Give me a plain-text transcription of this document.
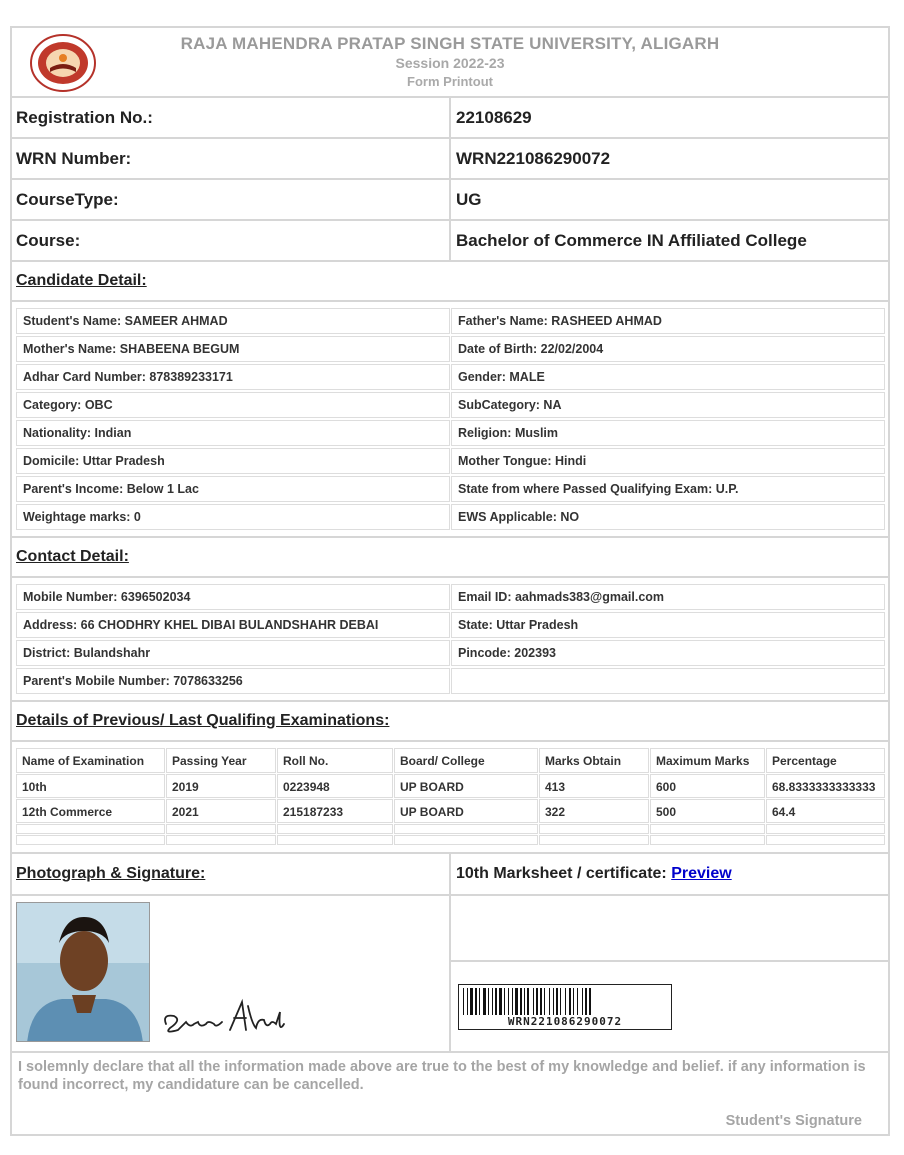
RAJA MAHENDRA PRATAP SINGH STATE UNIVERSITY, ALIGARH
Session 2022-23
Form Printout
Registration No.:	22108629
WRN Number:	WRN221086290072
CourseType:	UG
Course:	Bachelor of Commerce IN Affiliated College
Candidate Detail:
Student's Name: SAMEER AHMAD	Father's Name: RASHEED AHMAD
Mother's Name: SHABEENA BEGUM	Date of Birth: 22/02/2004
Adhar Card Number: 878389233171	Gender: MALE
Category: OBC	SubCategory: NA
Nationality: Indian	Religion: Muslim
Domicile: Uttar Pradesh	Mother Tongue: Hindi
Parent's Income: Below 1 Lac	State from where Passed Qualifying Exam: U.P.
Weightage marks: 0	EWS Applicable: NO
Contact Detail:
Mobile Number: 6396502034	Email ID: aahmads383@gmail.com
Address: 66 CHODHRY KHEL DIBAI BULANDSHAHR DEBAI	State: Uttar Pradesh
District: Bulandshahr	Pincode: 202393
Parent's Mobile Number: 7078633256
Details of Previous/ Last Qualifing Examinations:
Name of Examination	Passing Year	Roll No.	Board/ College	Marks Obtain	Maximum Marks	Percentage
10th	2019	0223948	UP BOARD	413	600	68.8333333333333
12th Commerce	2021	215187233	UP BOARD	322	500	64.4
Photograph & Signature:	10th Marksheet / certificate: Preview
WRN221086290072
I solemnly declare that all the information made above are true to the best of my knowledge and belief. if any information is found incorrect, my candidature can be cancelled.
Student's Signature
